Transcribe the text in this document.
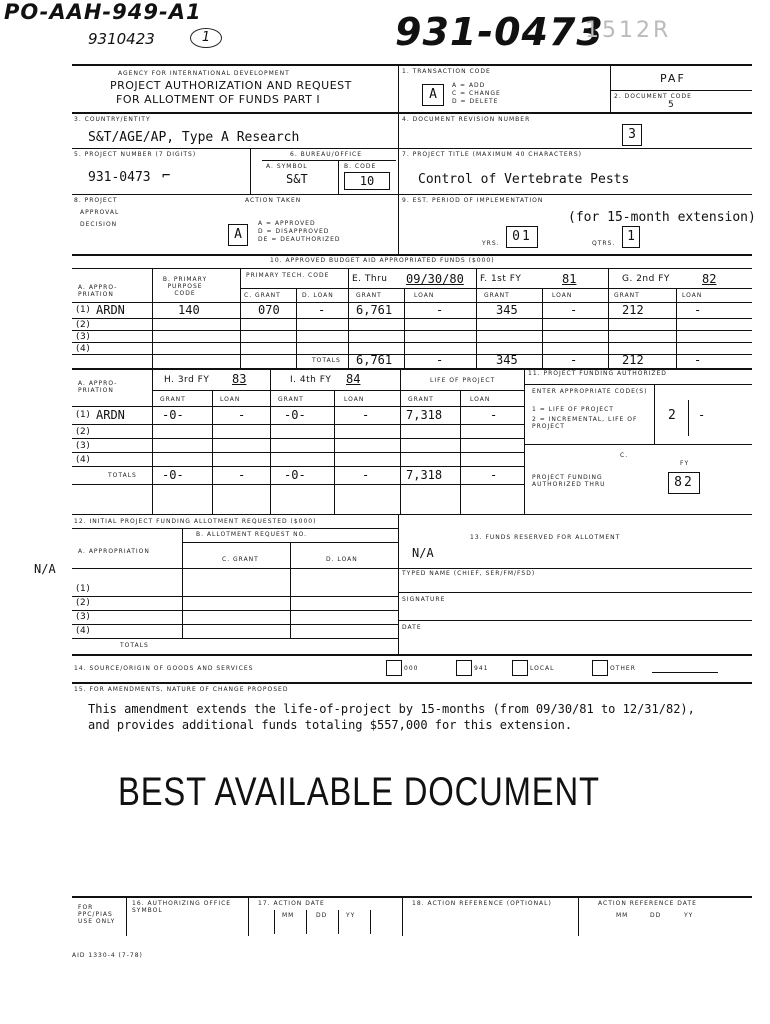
PO-AAH-949-A1
9310423	1	931-0473
1512R
AGENCY FOR INTERNATIONAL DEVELOPMENT
PROJECT AUTHORIZATION AND REQUEST
FOR ALLOTMENT OF FUNDS PART I
1. TRANSACTION CODE
A
A = ADD
C = CHANGE
D = DELETE
PAF
2. DOCUMENT CODE
5
3. COUNTRY/ENTITY
S&T/AGE/AP, Type A Research
4. DOCUMENT REVISION NUMBER
3
5. PROJECT NUMBER (7 DIGITS)
931-0473 ⌐
6. BUREAU/OFFICE
A. SYMBOL
S&T
B. CODE
10
7. PROJECT TITLE (MAXIMUM 40 CHARACTERS)
Control of Vertebrate Pests
8. PROJECT
APPROVAL
DECISION
ACTION TAKEN
A
A = APPROVED
D = DISAPPROVED
DE = DEAUTHORIZED
9. EST. PERIOD OF IMPLEMENTATION
(for 15-month extension)
YRS. 01	QTRS. 1
10. APPROVED BUDGET AID APPROPRIATED FUNDS ($000)
A. APPRO- PRIATION
B. PRIMARY PURPOSE CODE
PRIMARY TECH. CODE	E. Thru 09/30/80 F. 1st FY	81	G. 2nd FY	82
C. GRANT	D. LOAN	GRANT	LOAN	GRANT	LOAN	GRANT	LOAN
(1) ARDN	140	070	-	6,761	-	345	-	212	-
(2)
(3)
(4)
TOTALS 6,761	-	345	-	212	-
A. APPRO- PRIATION
H. 3rd FY 83	I. 4th FY 84	LIFE OF PROJECT
11. PROJECT FUNDING AUTHORIZED
GRANT	LOAN	GRANT	LOAN	GRANT	LOAN
(1) ARDN	-0-	-	-0-	-	7,318	-
(2)
(3)
(4)
TOTALS -0-	-	-0-	-	7,318	-
ENTER APPROPRIATE CODE(S)
1 = LIFE OF PROJECT
2 = INCREMENTAL, LIFE OF PROJECT
2 -
C.
FY
PROJECT FUNDING AUTHORIZED THRU	82
12. INITIAL PROJECT FUNDING ALLOTMENT REQUESTED ($000)
13. FUNDS RESERVED FOR ALLOTMENT
B. ALLOTMENT REQUEST NO.
A. APPROPRIATION
C. GRANT	D. LOAN
N/A
N/A
TYPED NAME (CHIEF, SER/FM/FSD)
(1)
(2)	SIGNATURE
(3)
(4)	DATE
TOTALS
14. SOURCE/ORIGIN OF GOODS AND SERVICES	000	941	LOCAL	OTHER
15. FOR AMENDMENTS, NATURE OF CHANGE PROPOSED
This amendment extends the life-of-project by 15-months (from 09/30/81 to 12/31/82),
and provides additional funds totaling $557,000 for this extension.
BEST AVAILABLE DOCUMENT
FOR PPC/PIAS USE ONLY
16. AUTHORIZING OFFICE SYMBOL
17. ACTION DATE
MM	DD	YY
18. ACTION REFERENCE (OPTIONAL)	ACTION REFERENCE DATE
MM	DD	YY
AID 1330-4 (7-78)
